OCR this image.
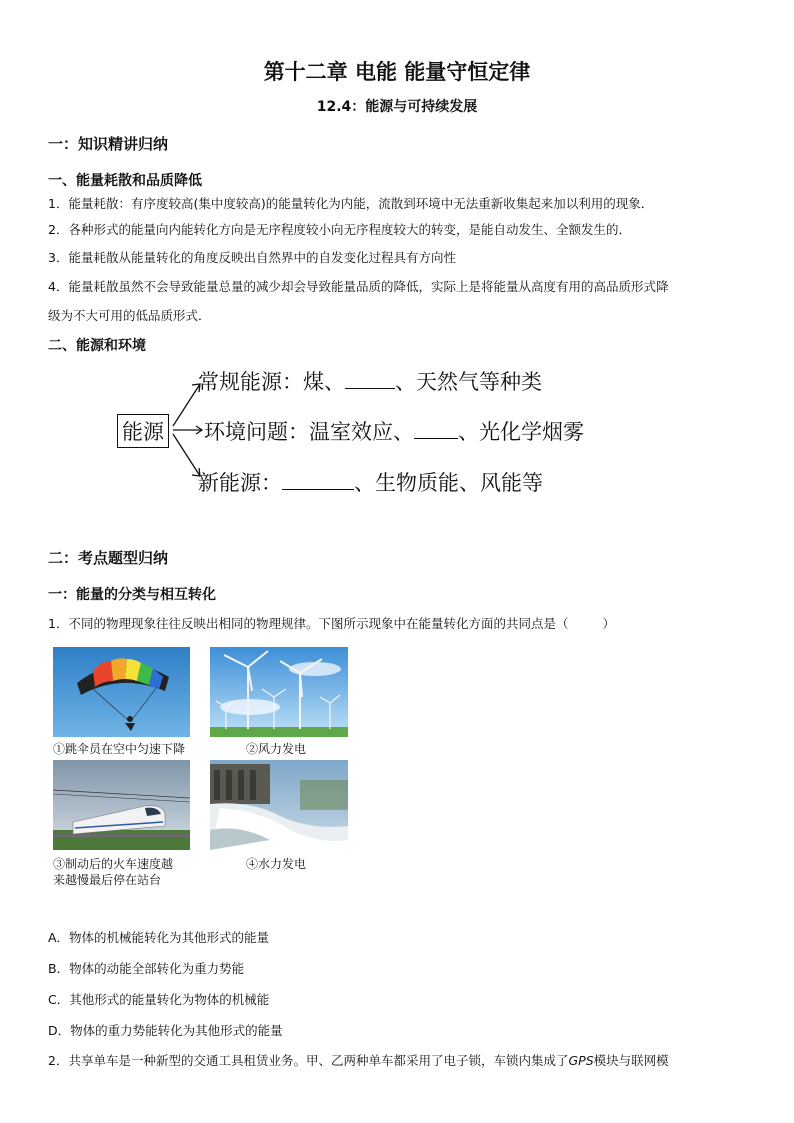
第十二章 电能 能量守恒定律
12.4：能源与可持续发展
一：知识精讲归纳
一、能量耗散和品质降低
1．能量耗散：有序度较高(集中度较高)的能量转化为内能，流散到环境中无法重新收集起来加以利用的现象．
2．各种形式的能量向内能转化方向是无序程度较小向无序程度较大的转变，是能自动发生、全额发生的．
3．能量耗散从能量转化的角度反映出自然界中的自发变化过程具有方向性
4．能量耗散虽然不会导致能量总量的减少却会导致能量品质的降低，实际上是将能量从高度有用的高品质形式降
级为不大可用的低品质形式．
二、能源和环境
能源
常规能源：煤、 、天然气等种类
环境问题：温室效应、 、光化学烟雾
新能源：	、生物质能、风能等
二：考点题型归纳
一：能量的分类与相互转化
1．不同的物理现象往往反映出相同的物理规律。下图所示现象中在能量转化方面的共同点是（	）
①跳伞员在空中匀速下降	②风力发电
③制动后的火车速度越
来越慢最后停在站台
④水力发电
A．物体的机械能转化为其他形式的能量
B．物体的动能全部转化为重力势能
C．其他形式的能量转化为物体的机械能
D．物体的重力势能转化为其他形式的能量
2．共享单车是一种新型的交通工具租赁业务。甲、乙两种单车都采用了电子锁，车锁内集成了GPS模块与联网模
